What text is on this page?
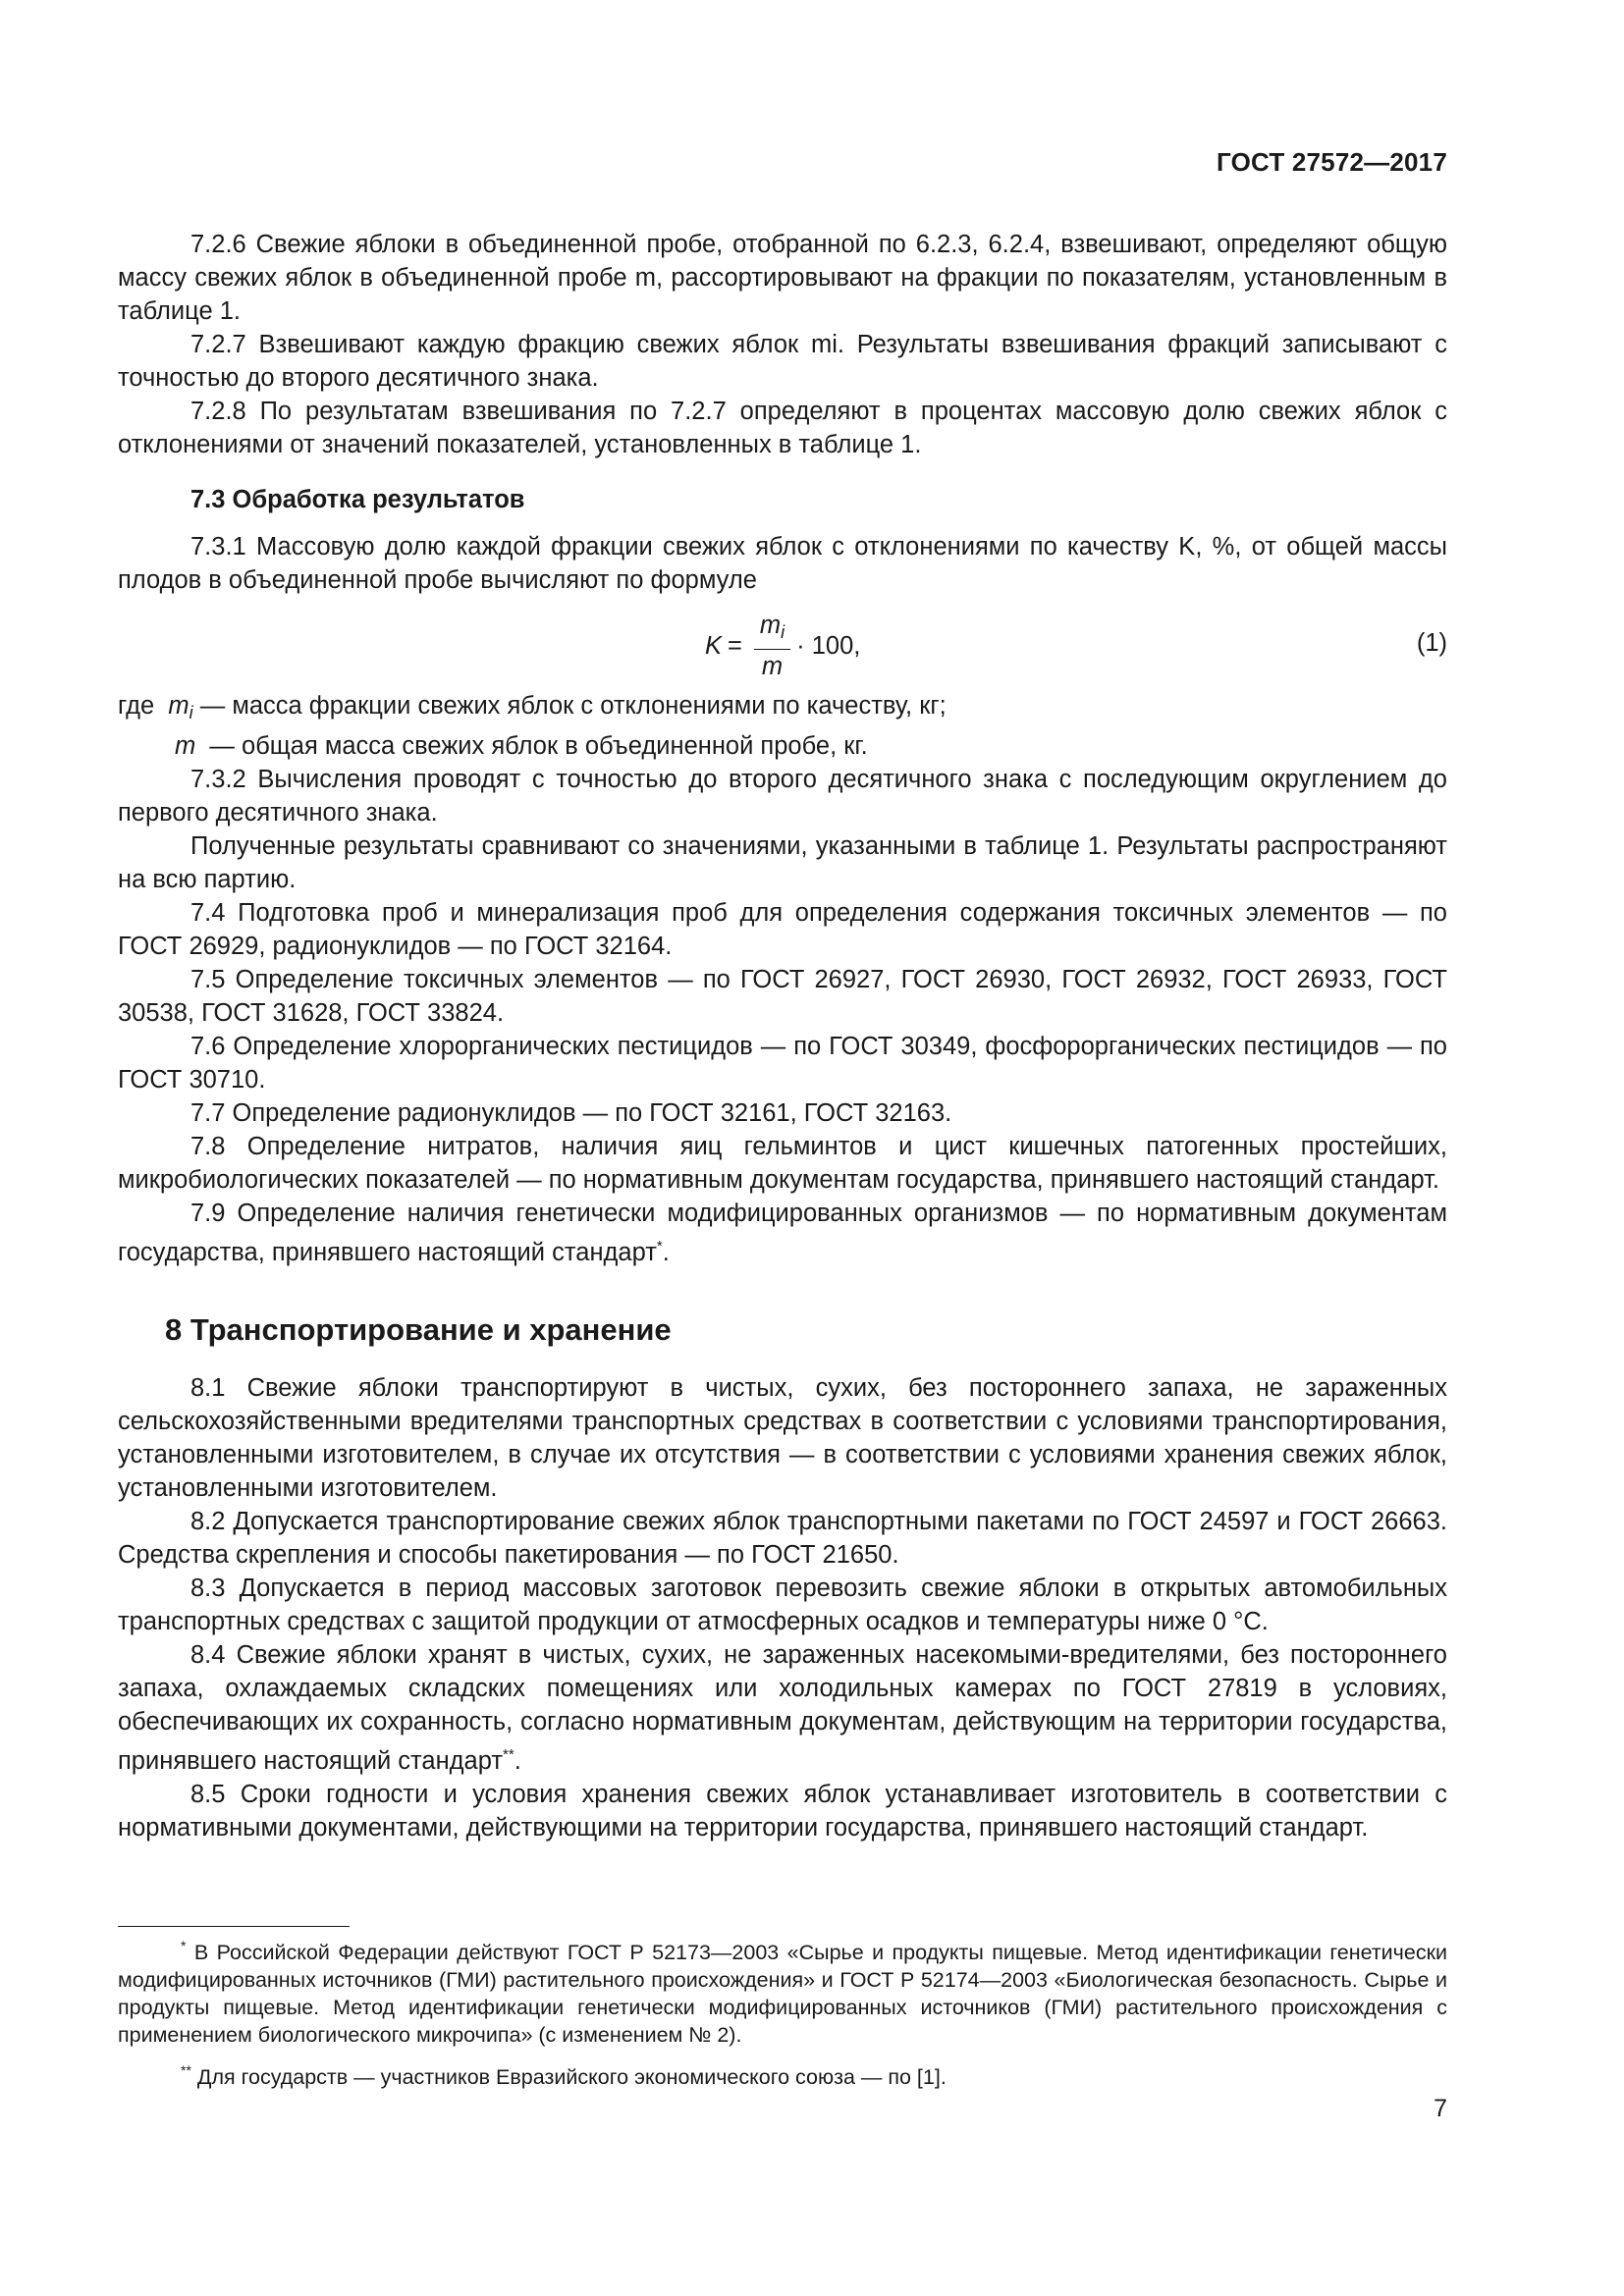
ГОСТ 27572—2017

7.2.6 Свежие яблоки в объединенной пробе, отобранной по 6.2.3, 6.2.4, взвешивают, определяют общую массу свежих яблок в объединенной пробе m, рассортировывают на фракции по показателям, установленным в таблице 1.

7.2.7 Взвешивают каждую фракцию свежих яблок mi. Результаты взвешивания фракций записывают с точностью до второго десятичного знака.

7.2.8 По результатам взвешивания по 7.2.7 определяют в процентах массовую долю свежих яблок с отклонениями от значений показателей, установленных в таблице 1.

7.3 Обработка результатов

7.3.1 Массовую долю каждой фракции свежих яблок с отклонениями по качеству K, %, от общей массы плодов в объединенной пробе вычисляют по формуле

$K = \frac{m_i}{m} \cdot 100$,	(1)

где $m_i$ — масса фракции свежих яблок с отклонениями по качеству, кг;

m — общая масса свежих яблок в объединенной пробе, кг.

7.3.2 Вычисления проводят с точностью до второго десятичного знака с последующим округлением до первого десятичного знака.

Полученные результаты сравнивают со значениями, указанными в таблице 1. Результаты распространяют на всю партию.

7.4 Подготовка проб и минерализация проб для определения содержания токсичных элементов — по ГОСТ 26929, радионуклидов — по ГОСТ 32164.

7.5 Определение токсичных элементов — по ГОСТ 26927, ГОСТ 26930, ГОСТ 26932, ГОСТ 26933, ГОСТ 30538, ГОСТ 31628, ГОСТ 33824.

7.6 Определение хлорорганических пестицидов — по ГОСТ 30349, фосфорорганических пестицидов — по ГОСТ 30710.

7.7 Определение радионуклидов — по ГОСТ 32161, ГОСТ 32163.

7.8 Определение нитратов, наличия яиц гельминтов и цист кишечных патогенных простейших, микробиологических показателей — по нормативным документам государства, принявшего настоящий стандарт.

7.9 Определение наличия генетически модифицированных организмов — по нормативным документам государства, принявшего настоящий стандарт*.

8 Транспортирование и хранение

8.1 Свежие яблоки транспортируют в чистых, сухих, без постороннего запаха, не зараженных сельскохозяйственными вредителями транспортных средствах в соответствии с условиями транспортирования, установленными изготовителем, в случае их отсутствия — в соответствии с условиями хранения свежих яблок, установленными изготовителем.

8.2 Допускается транспортирование свежих яблок транспортными пакетами по ГОСТ 24597 и ГОСТ 26663. Средства скрепления и способы пакетирования — по ГОСТ 21650.

8.3 Допускается в период массовых заготовок перевозить свежие яблоки в открытых автомобильных транспортных средствах с защитой продукции от атмосферных осадков и температуры ниже 0 °С.

8.4 Свежие яблоки хранят в чистых, сухих, не зараженных насекомыми-вредителями, без постороннего запаха, охлаждаемых складских помещениях или холодильных камерах по ГОСТ 27819 в условиях, обеспечивающих их сохранность, согласно нормативным документам, действующим на территории государства, принявшего настоящий стандарт**.

8.5 Сроки годности и условия хранения свежих яблок устанавливает изготовитель в соответствии с нормативными документами, действующими на территории государства, принявшего настоящий стандарт.

* В Российской Федерации действуют ГОСТ Р 52173—2003 «Сырье и продукты пищевые. Метод идентификации генетически модифицированных источников (ГМИ) растительного происхождения» и ГОСТ Р 52174—2003 «Биологическая безопасность. Сырье и продукты пищевые. Метод идентификации генетически модифицированных источников (ГМИ) растительного происхождения с применением биологического микрочипа» (с изменением № 2).

** Для государств — участников Евразийского экономического союза — по [1].

7
